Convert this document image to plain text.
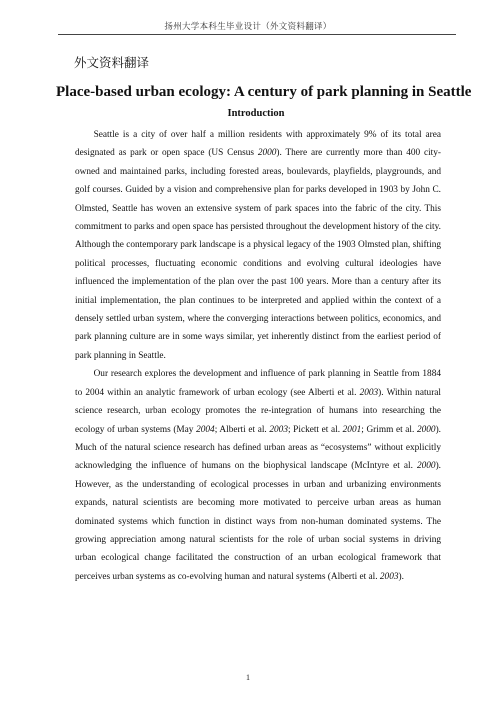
扬州大学本科生毕业设计（外文资料翻译）
外文资料翻译
Place-based urban ecology: A century of park planning in Seattle
Introduction

Seattle is a city of over half a million residents with approximately 9% of its total area designated as park or open space (US Census 2000). There are currently more than 400 city-owned and maintained parks, including forested areas, boulevards, playfields, playgrounds, and golf courses. Guided by a vision and comprehensive plan for parks developed in 1903 by John C. Olmsted, Seattle has woven an extensive system of park spaces into the fabric of the city. This commitment to parks and open space has persisted throughout the development history of the city. Although the contemporary park landscape is a physical legacy of the 1903 Olmsted plan, shifting political processes, fluctuating economic conditions and evolving cultural ideologies have influenced the implementation of the plan over the past 100 years. More than a century after its initial implementation, the plan continues to be interpreted and applied within the context of a densely settled urban system, where the converging interactions between politics, economics, and park planning culture are in some ways similar, yet inherently distinct from the earliest period of park planning in Seattle.

Our research explores the development and influence of park planning in Seattle from 1884 to 2004 within an analytic framework of urban ecology (see Alberti et al. 2003). Within natural science research, urban ecology promotes the re-integration of humans into researching the ecology of urban systems (May 2004; Alberti et al. 2003; Pickett et al. 2001; Grimm et al. 2000). Much of the natural science research has defined urban areas as “ecosystems” without explicitly acknowledging the influence of humans on the biophysical landscape (McIntyre et al. 2000). However, as the understanding of ecological processes in urban and urbanizing environments expands, natural scientists are becoming more motivated to perceive urban areas as human dominated systems which function in distinct ways from non-human dominated systems. The growing appreciation among natural scientists for the role of urban social systems in driving urban ecological change facilitated the construction of an urban ecological framework that perceives urban systems as co-evolving human and natural systems (Alberti et al. 2003).

1
